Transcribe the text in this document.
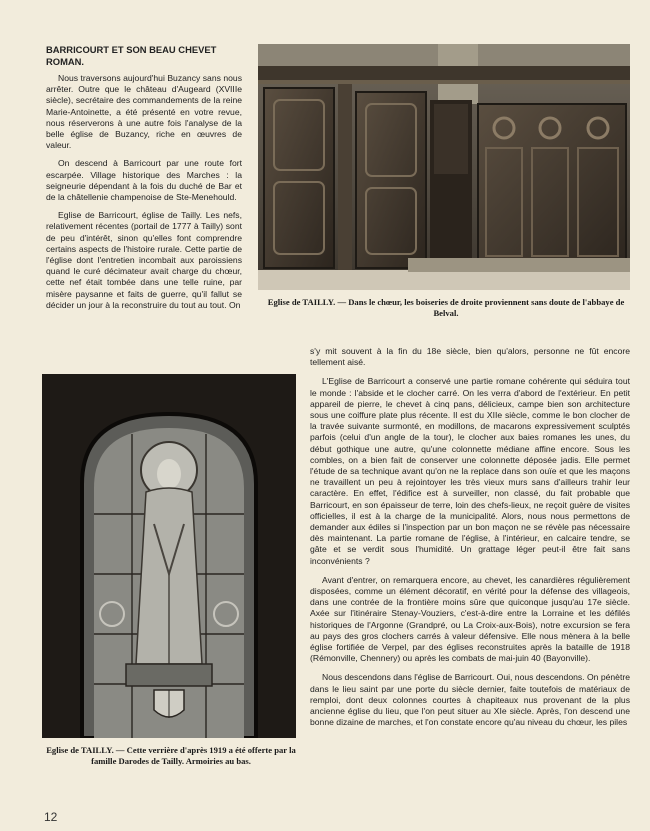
BARRICOURT ET SON BEAU CHEVET ROMAN.

Nous traversons aujourd'hui Buzancy sans nous arrêter. Outre que le château d'Augeard (XVIIIe siècle), secrétaire des commandements de la reine Marie-Antoinette, a été présenté en votre revue, nous réserverons à une autre fois l'analyse de la belle église de Buzancy, riche en œuvres de valeur.

On descend à Barricourt par une route fort escarpée. Village historique des Marches : la seigneurie dépendant à la fois du duché de Bar et de la châtellenie champenoise de Ste-Menehould.

Eglise de Barricourt, église de Tailly. Les nefs, relativement récentes (portail de 1777 à Tailly) sont de peu d'intérêt, sinon qu'elles font comprendre certains aspects de l'histoire rurale. Cette partie de l'église dont l'entretien incombait aux paroissiens quand le curé décimateur avait charge du chœur, cette nef était tombée dans une telle ruine, par misère paysanne et faits de guerre, qu'il fallut se décider un jour à la reconstruire du tout au tout. On	Eglise de TAILLY. — Dans le chœur, les boiseries de droite proviennent sans doute de l'abbaye de Belval.
Eglise de TAILLY. — Cette verrière d'après 1919 a été offerte par la famille Darodes de Tailly. Armoiries au bas.

s'y mit souvent à la fin du 18e siècle, bien qu'alors, personne ne fût encore tellement aisé.

L'Eglise de Barricourt a conservé une partie romane cohérente qui séduira tout le monde : l'abside et le clocher carré. On les verra d'abord de l'extérieur. En petit appareil de pierre, le chevet à cinq pans, délicieux, campe bien son architecture sous une coiffure plate plus récente. Il est du XIIe siècle, comme le bon clocher de la travée suivante surmonté, en modillons, de macarons expressivement sculptés parfois (celui d'un angle de la tour), le clocher aux baies romanes les unes, du début gothique une autre, qu'une colonnette médiane affine encore. Sous les combles, on a bien fait de conserver une colonnette déposée jadis. Elle permet l'étude de sa technique avant qu'on ne la replace dans son ouïe et que les maçons ne travaillent un peu à rejointoyer les très vieux murs sans d'ailleurs trahir leur caractère. En effet, l'édifice est à surveiller, non classé, du fait probable que Barricourt, en son épaisseur de terre, loin des chefs-lieux, ne reçoit guère de visites officielles, il est à la charge de la municipalité. Alors, nous nous permettons de demander aux édiles si l'inspection par un bon maçon ne se révèle pas nécessaire dès maintenant. La partie romane de l'église, à l'intérieur, en calcaire tendre, se gâte et se verdit sous l'humidité. Un grattage léger peut-il être fait sans inconvénients ?

Avant d'entrer, on remarquera encore, au chevet, les canardières régulièrement disposées, comme un élément décoratif, en vérité pour la défense des villageois, dans une contrée de la frontière moins sûre que quiconque jusqu'au 17e siècle. Axée sur l'itinéraire Stenay-Vouziers, c'est-à-dire entre la Lorraine et les défilés historiques de l'Argonne (Grandpré, ou La Croix-aux-Bois), notre excursion se fera au pays des gros clochers carrés à valeur défensive. Elle nous mènera à la belle église fortifiée de Verpel, par des églises reconstruites après la bataille de 1918 (Rémonville, Chennery) ou après les combats de mai-juin 40 (Bayonville).

Nous descendons dans l'église de Barricourt. Oui, nous descendons. On pénètre dans le lieu saint par une porte du siècle dernier, faite toutefois de matériaux de remploi, dont deux colonnes courtes à chapiteaux nus provenant de la plus ancienne église du lieu, que l'on peut situer au XIe siècle. Après, l'on descend une bonne dizaine de marches, et l'on constate encore qu'au niveau du chœur, les piles

12
